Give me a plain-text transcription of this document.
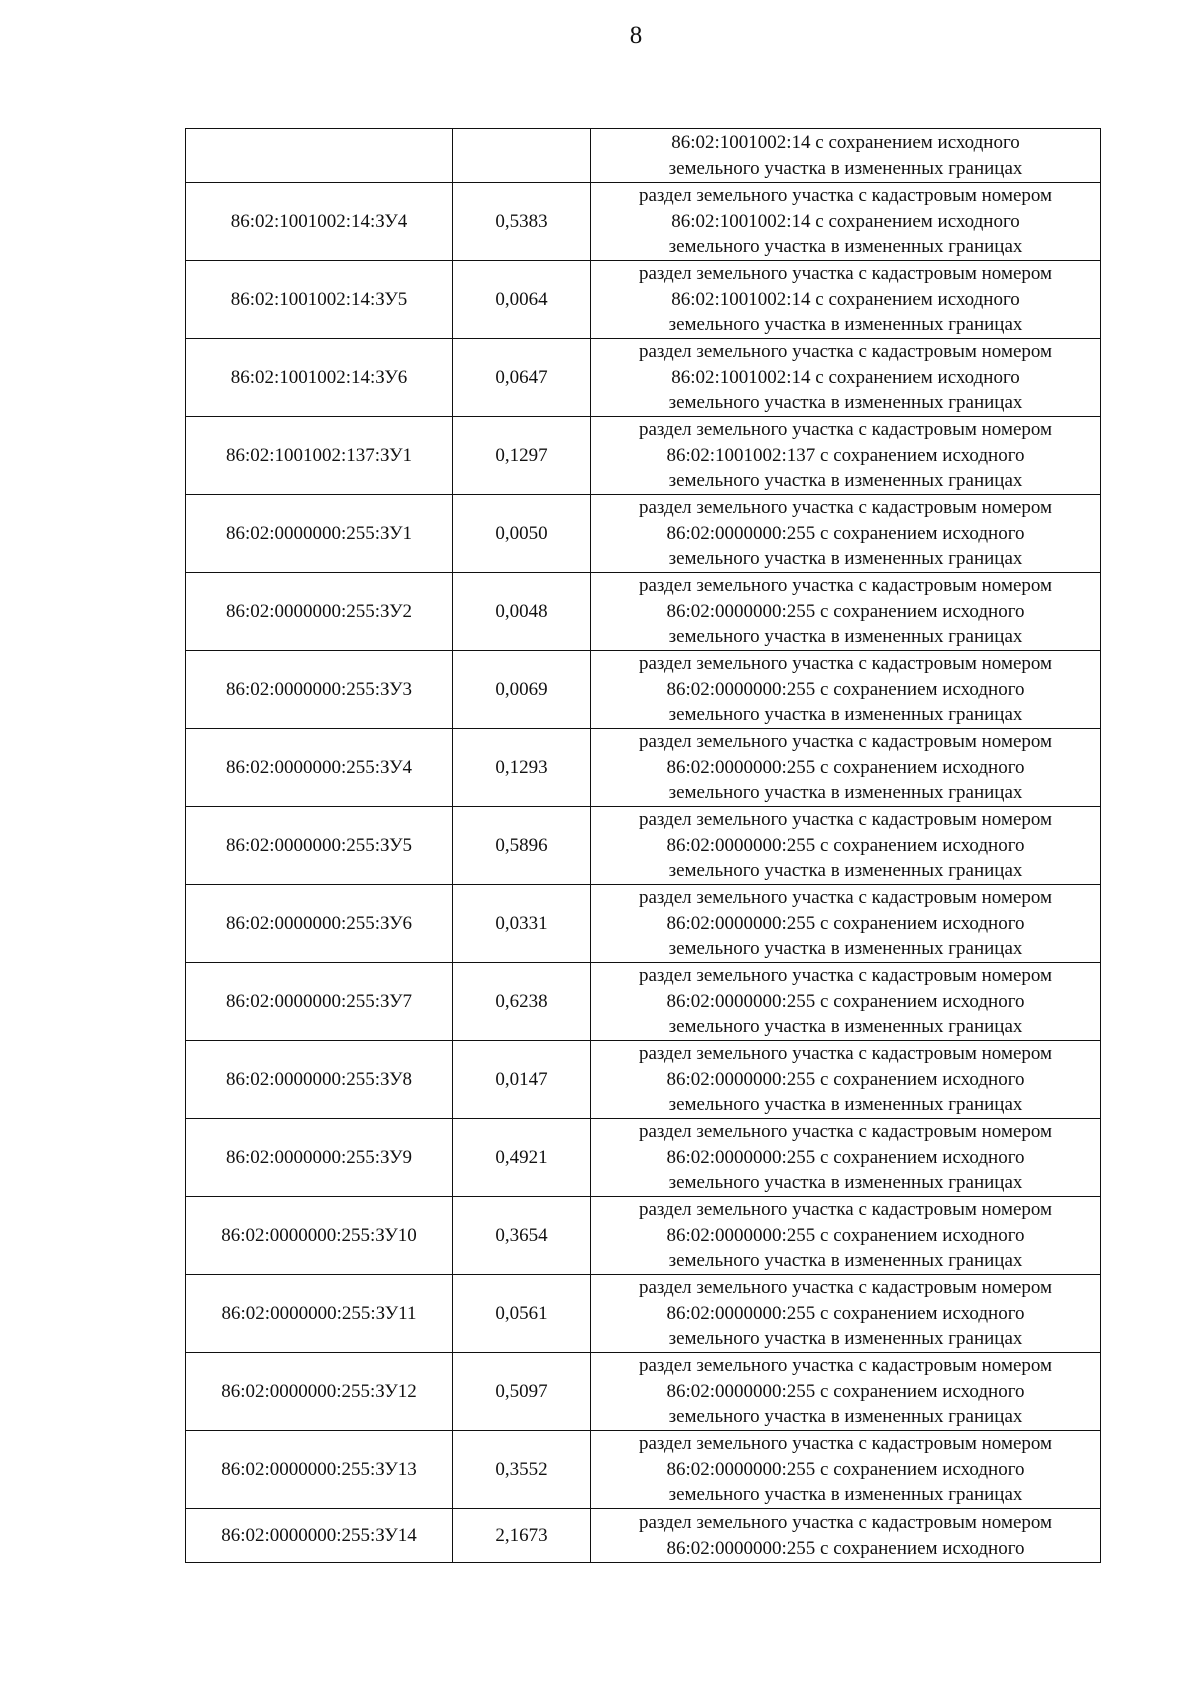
8

		86:02:1001002:14 с сохранением исходного
земельного участка в измененных границах

86:02:1001002:14:ЗУ4	0,5383	раздел земельного участка с кадастровым номером
86:02:1001002:14 с сохранением исходного
земельного участка в измененных границах

86:02:1001002:14:ЗУ5	0,0064	раздел земельного участка с кадастровым номером
86:02:1001002:14 с сохранением исходного
земельного участка в измененных границах

86:02:1001002:14:ЗУ6	0,0647	раздел земельного участка с кадастровым номером
86:02:1001002:14 с сохранением исходного
земельного участка в измененных границах

86:02:1001002:137:ЗУ1	0,1297	раздел земельного участка с кадастровым номером
86:02:1001002:137 с сохранением исходного
земельного участка в измененных границах

86:02:0000000:255:ЗУ1	0,0050	раздел земельного участка с кадастровым номером
86:02:0000000:255 с сохранением исходного
земельного участка в измененных границах

86:02:0000000:255:ЗУ2	0,0048	раздел земельного участка с кадастровым номером
86:02:0000000:255 с сохранением исходного
земельного участка в измененных границах

86:02:0000000:255:ЗУ3	0,0069	раздел земельного участка с кадастровым номером
86:02:0000000:255 с сохранением исходного
земельного участка в измененных границах

86:02:0000000:255:ЗУ4	0,1293	раздел земельного участка с кадастровым номером
86:02:0000000:255 с сохранением исходного
земельного участка в измененных границах

86:02:0000000:255:ЗУ5	0,5896	раздел земельного участка с кадастровым номером
86:02:0000000:255 с сохранением исходного
земельного участка в измененных границах

86:02:0000000:255:ЗУ6	0,0331	раздел земельного участка с кадастровым номером
86:02:0000000:255 с сохранением исходного
земельного участка в измененных границах

86:02:0000000:255:ЗУ7	0,6238	раздел земельного участка с кадастровым номером
86:02:0000000:255 с сохранением исходного
земельного участка в измененных границах

86:02:0000000:255:ЗУ8	0,0147	раздел земельного участка с кадастровым номером
86:02:0000000:255 с сохранением исходного
земельного участка в измененных границах

86:02:0000000:255:ЗУ9	0,4921	раздел земельного участка с кадастровым номером
86:02:0000000:255 с сохранением исходного
земельного участка в измененных границах

86:02:0000000:255:ЗУ10	0,3654	раздел земельного участка с кадастровым номером
86:02:0000000:255 с сохранением исходного
земельного участка в измененных границах

86:02:0000000:255:ЗУ11	0,0561	раздел земельного участка с кадастровым номером
86:02:0000000:255 с сохранением исходного
земельного участка в измененных границах

86:02:0000000:255:ЗУ12	0,5097	раздел земельного участка с кадастровым номером
86:02:0000000:255 с сохранением исходного
земельного участка в измененных границах

86:02:0000000:255:ЗУ13	0,3552	раздел земельного участка с кадастровым номером
86:02:0000000:255 с сохранением исходного
земельного участка в измененных границах

86:02:0000000:255:ЗУ14	2,1673	раздел земельного участка с кадастровым номером
86:02:0000000:255 с сохранением исходного
